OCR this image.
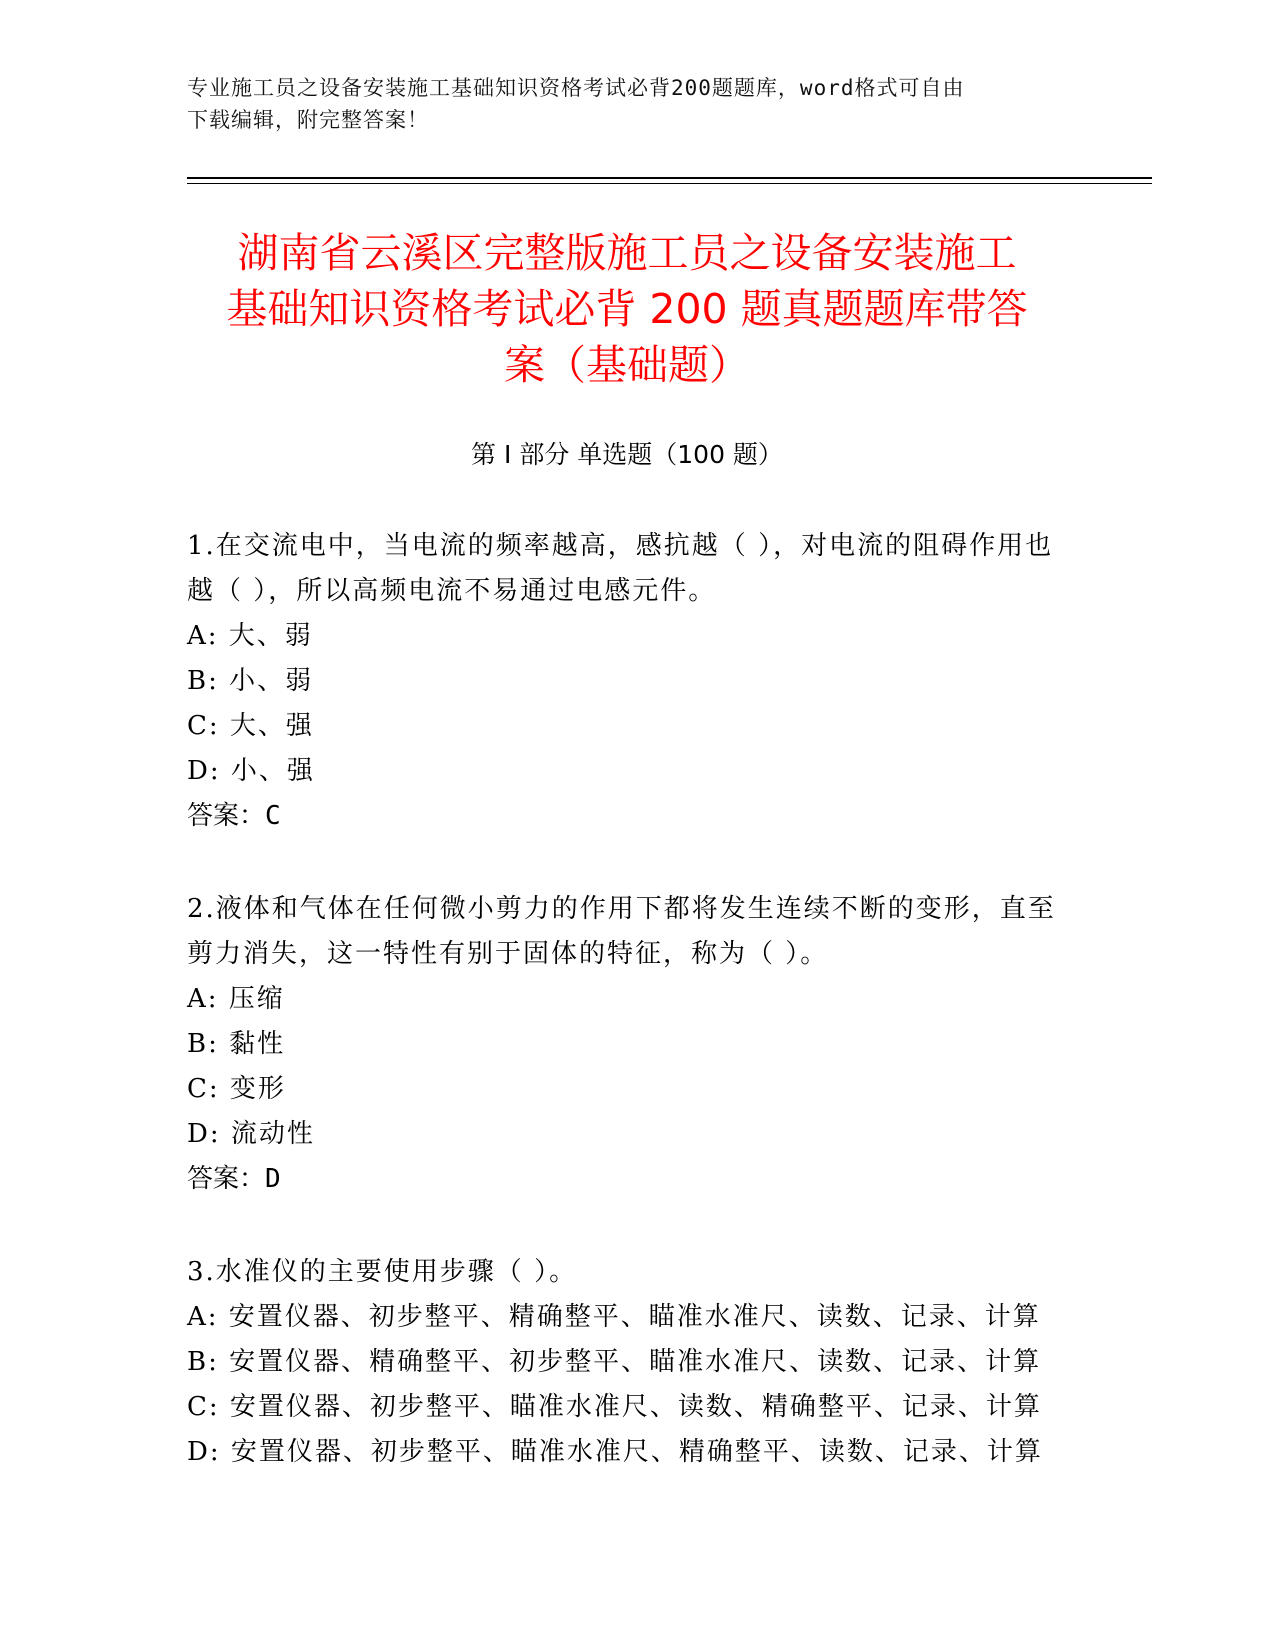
专业施工员之设备安装施工基础知识资格考试必背200题题库，word格式可自由
下载编辑，附完整答案！
湖南省云溪区完整版施工员之设备安装施工
基础知识资格考试必背 200 题真题题库带答
案（基础题）
第 I 部分 单选题（100 题）

1.在交流电中，当电流的频率越高，感抗越（ ），对电流的阻碍作用也越（ ），所以高频电流不易通过电感元件。

A: 大、弱

B: 小、弱

C: 大、强

D: 小、强

答案：C

2.液体和气体在任何微小剪力的作用下都将发生连续不断的变形，直至剪力消失，这一特性有别于固体的特征，称为（ ）。

A: 压缩

B: 黏性

C: 变形

D: 流动性

答案：D

3.水准仪的主要使用步骤（ ）。

A: 安置仪器、初步整平、精确整平、瞄准水准尺、读数、记录、计算

B: 安置仪器、精确整平、初步整平、瞄准水准尺、读数、记录、计算

C: 安置仪器、初步整平、瞄准水准尺、读数、精确整平、记录、计算

D: 安置仪器、初步整平、瞄准水准尺、精确整平、读数、记录、计算
